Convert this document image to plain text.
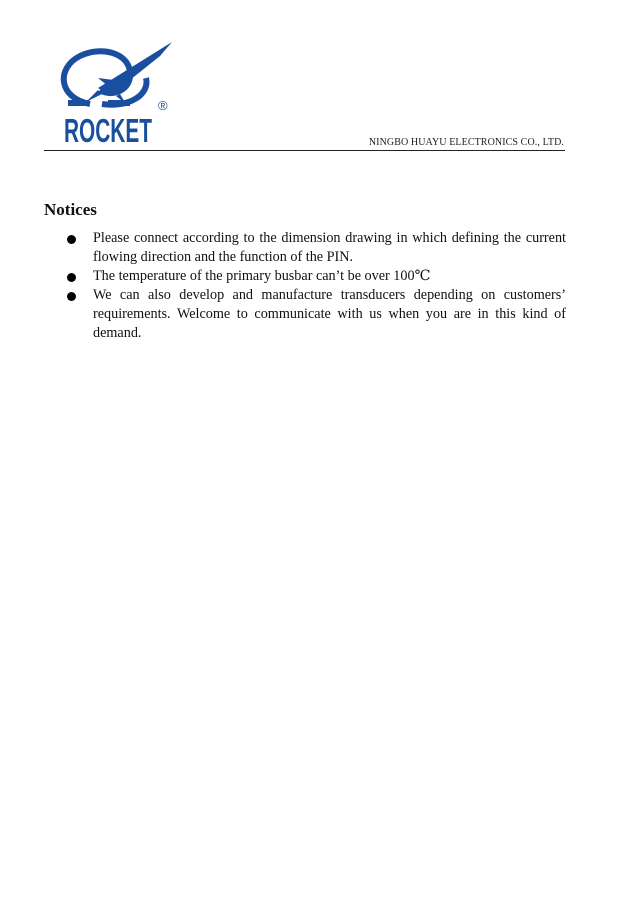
ROCKET
®
NINGBO HUAYU ELECTRONICS CO., LTD.
Notices
Please connect according to the dimension drawing in which defining the current flowing direction and the function of the PIN.
The temperature of the primary busbar can’t be over 100℃
We can also develop and manufacture transducers depending on customers’ requirements. Welcome to communicate with us when you are in this kind of demand.
